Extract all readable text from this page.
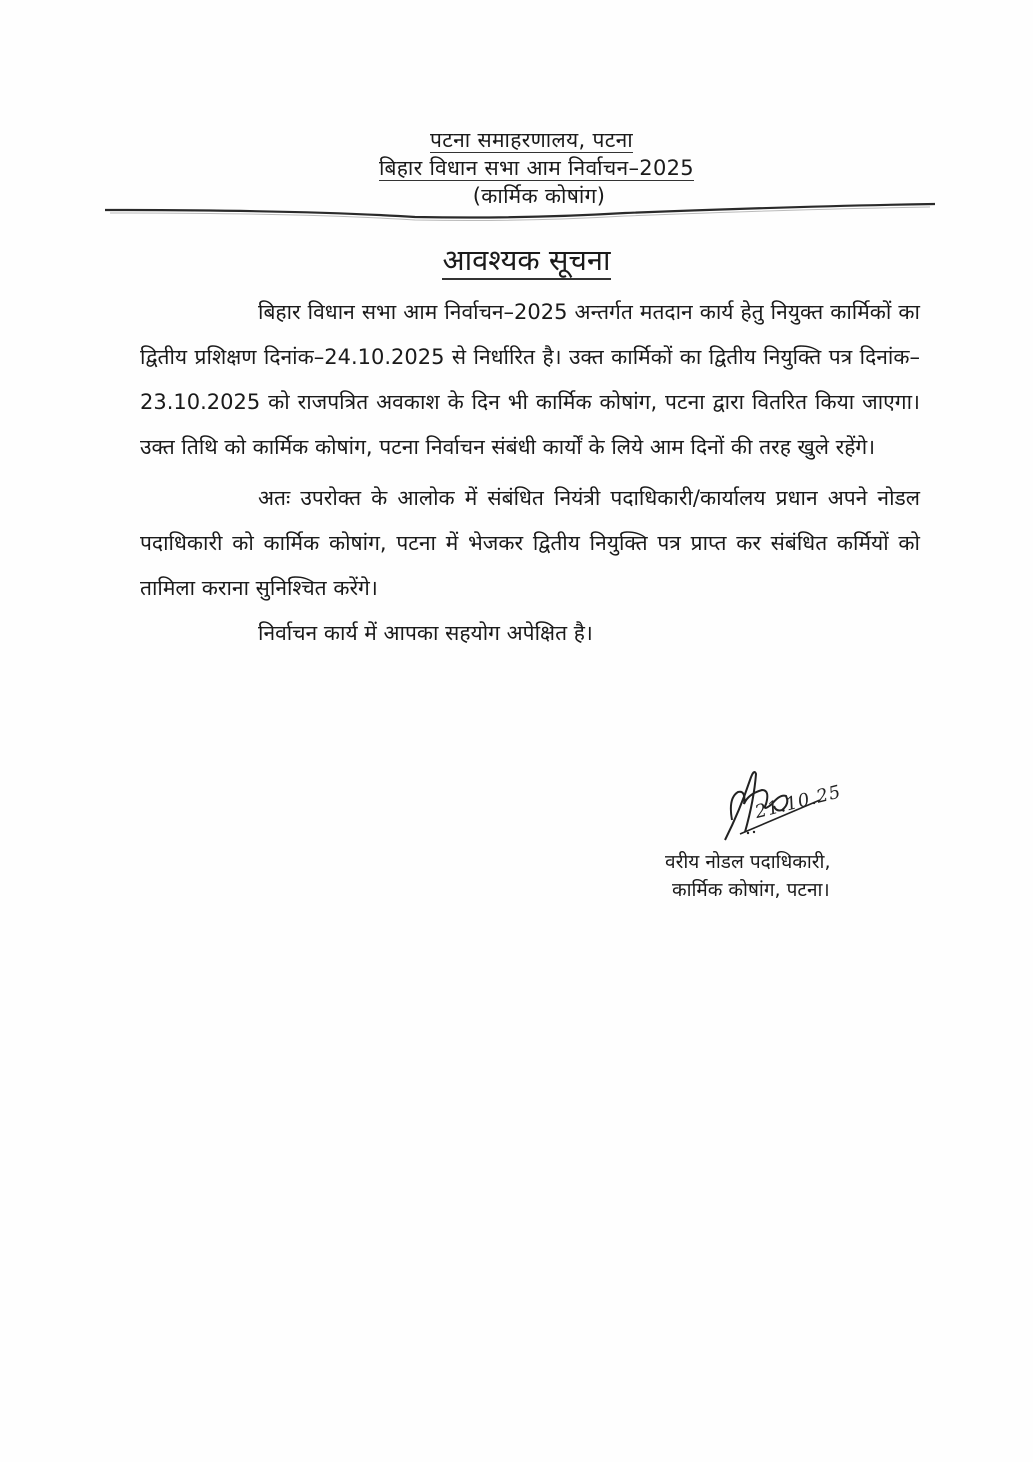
पटना समाहरणालय, पटना
बिहार विधान सभा आम निर्वाचन–2025
(कार्मिक कोषांग)
आवश्यक सूचना

बिहार विधान सभा आम निर्वाचन–2025 अन्तर्गत मतदान कार्य हेतु नियुक्त कार्मिकों का द्वितीय प्रशिक्षण दिनांक–24.10.2025 से निर्धारित है। उक्त कार्मिकों का द्वितीय नियुक्ति पत्र दिनांक–23.10.2025 को राजपत्रित अवकाश के दिन भी कार्मिक कोषांग, पटना द्वारा वितरित किया जाएगा। उक्त तिथि को कार्मिक कोषांग, पटना निर्वाचन संबंधी कार्यों के लिये आम दिनों की तरह खुले रहेंगे।

अतः उपरोक्त के आलोक में संबंधित नियंत्री पदाधिकारी/कार्यालय प्रधान अपने नोडल पदाधिकारी को कार्मिक कोषांग, पटना में भेजकर द्वितीय नियुक्ति पत्र प्राप्त कर संबंधित कर्मियों को तामिला कराना सुनिश्चित करेंगे।

निर्वाचन कार्य में आपका सहयोग अपेक्षित है।

21.10.25
वरीय नोडल पदाधिकारी,
कार्मिक कोषांग, पटना।
